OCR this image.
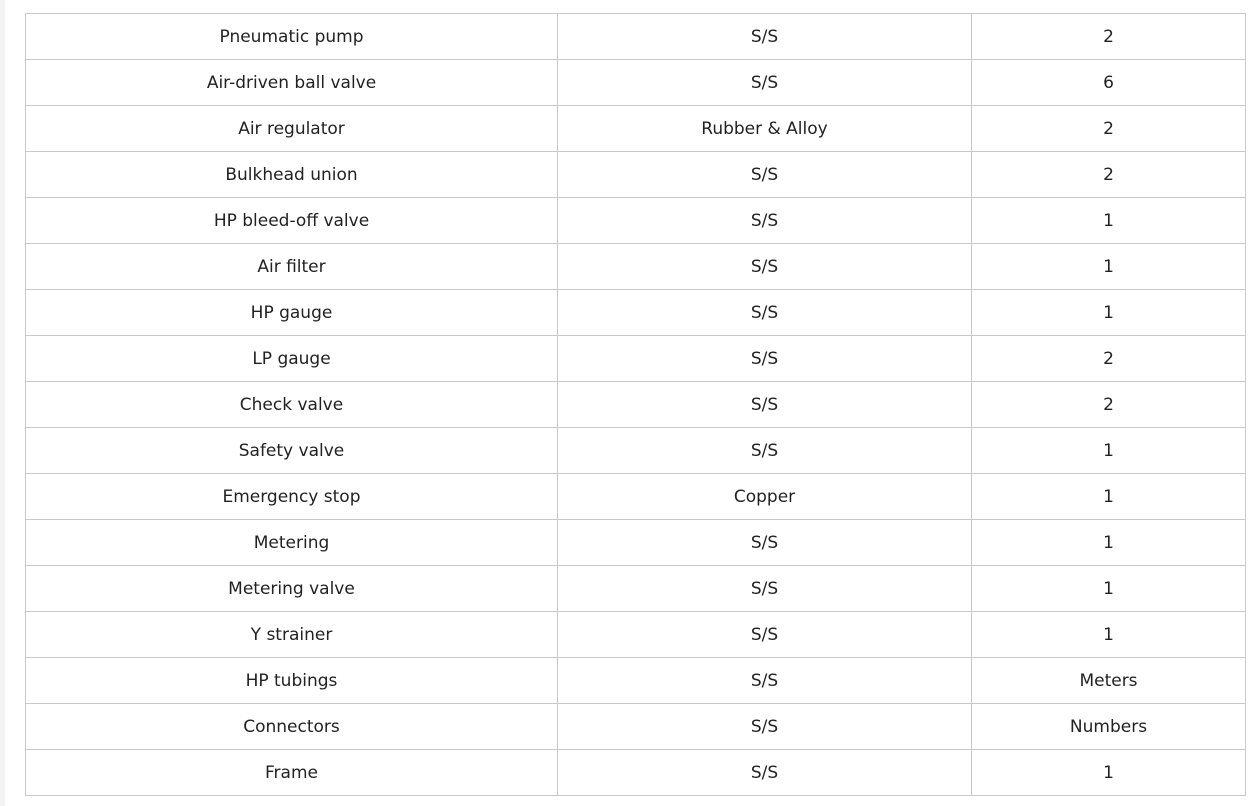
Pneumatic pump	S/S	2
Air-driven ball valve	S/S	6
Air regulator	Rubber & Alloy	2
Bulkhead union	S/S	2
HP bleed-off valve	S/S	1
Air filter	S/S	1
HP gauge	S/S	1
LP gauge	S/S	2
Check valve	S/S	2
Safety valve	S/S	1
Emergency stop	Copper	1
Metering	S/S	1
Metering valve	S/S	1
Y strainer	S/S	1
HP tubings	S/S	Meters
Connectors	S/S	Numbers
Frame	S/S	1
